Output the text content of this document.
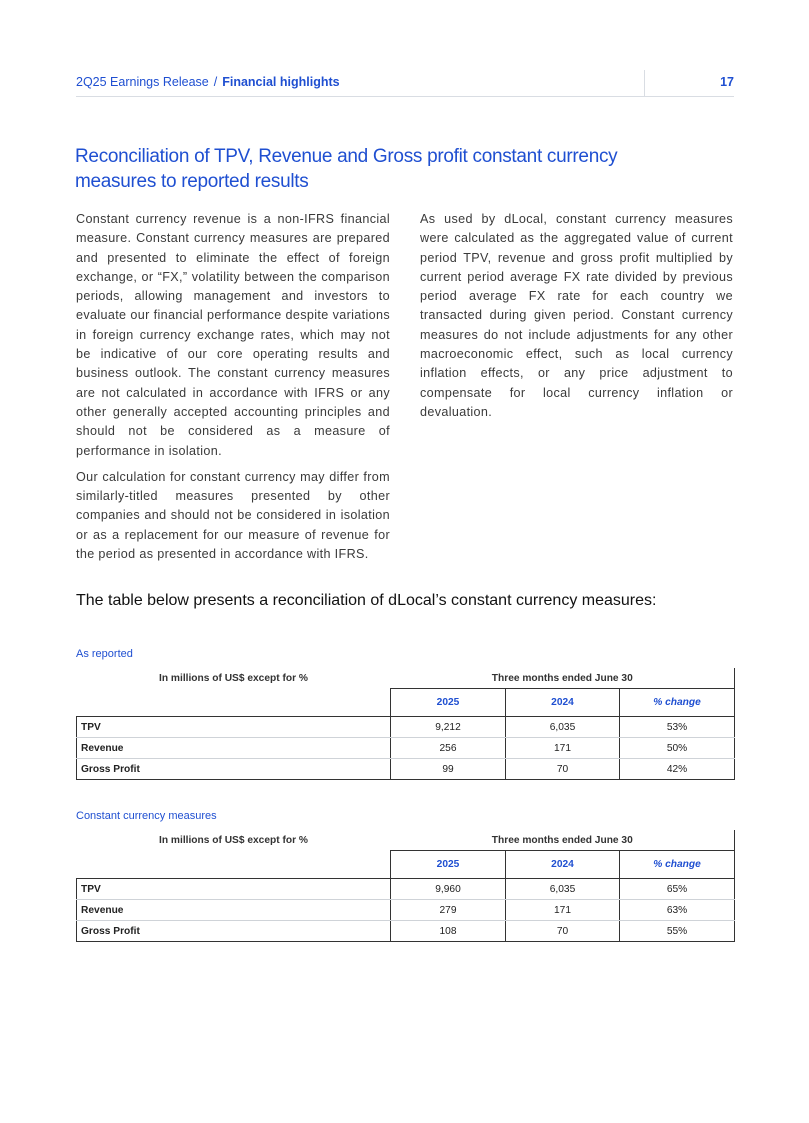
2Q25 Earnings Release / Financial highlights	17
Reconciliation of TPV, Revenue and Gross profit constant currency measures to reported results

Constant currency revenue is a non-IFRS financial measure. Constant currency measures are prepared and presented to eliminate the effect of foreign exchange, or “FX,” volatility between the comparison periods, allowing management and investors to evaluate our financial performance despite variations in foreign currency exchange rates, which may not be indicative of our core operating results and business outlook. The constant currency measures are not calculated in accordance with IFRS or any other generally accepted accounting principles and should not be considered as a measure of performance in isolation.

Our calculation for constant currency may differ from similarly-titled measures presented by other companies and should not be considered in isolation or as a replacement for our measure of revenue for the period as presented in accordance with IFRS.

As used by dLocal, constant currency measures were calculated as the aggregated value of current period TPV, revenue and gross profit multiplied by current period average FX rate divided by previous period average FX rate for each country we transacted during given period. Constant currency measures do not include adjustments for any other macroeconomic effect, such as local currency inflation effects, or any price adjustment to compensate for local currency inflation or devaluation.

The table below presents a reconciliation of dLocal’s constant currency measures:
As reported
In millions of US$ except for %	Three months ended June 30		
	2025	2024	% change
TPV	9,212	6,035	53%
Revenue	256	171	50%
Gross Profit	99	70	42%
Constant currency measures
In millions of US$ except for %	Three months ended June 30		
	2025	2024	% change
TPV	9,960	6,035	65%
Revenue	279	171	63%
Gross Profit	108	70	55%
